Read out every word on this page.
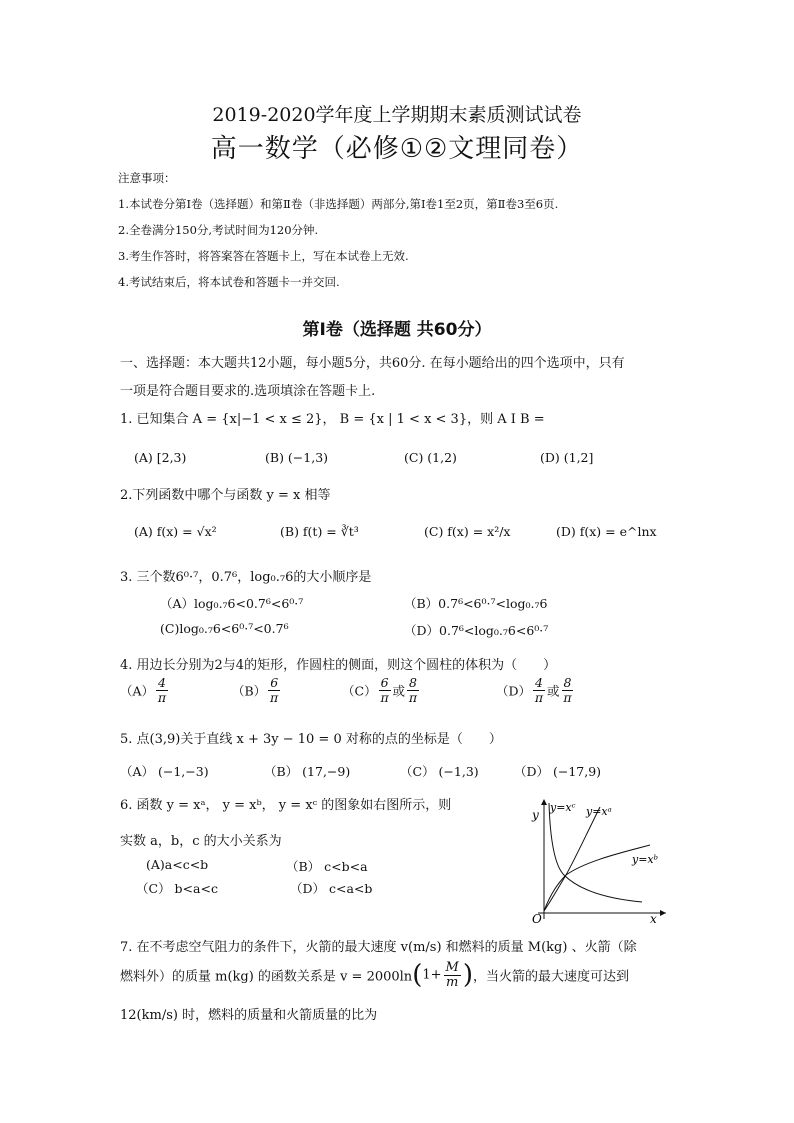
2019-2020学年度上学期期末素质测试试卷
高一数学（必修①②文理同卷）
注意事项：
1.本试卷分第Ⅰ卷（选择题）和第Ⅱ卷（非选择题）两部分,第Ⅰ卷1至2页，第Ⅱ卷3至6页.
2.全卷满分150分,考试时间为120分钟.
3.考生作答时，将答案答在答题卡上，写在本试卷上无效.
4.考试结束后，将本试卷和答题卡一并交回.
第Ⅰ卷（选择题 共60分）
一、选择题：本大题共12小题，每小题5分，共60分. 在每小题给出的四个选项中，只有
一项是符合题目要求的.选项填涂在答题卡上.
1. 已知集合 A = {x|−1 < x ≤ 2}， B = {x | 1 < x < 3}，则 A I B =
(A) [2,3)	(B) (−1,3)	(C) (1,2)	(D) (1,2]
2.下列函数中哪个与函数 y = x 相等
(A) f(x) = √x²	(B) f(t) = ∛t³	(C) f(x) = x²/x	(D) f(x) = e^lnx
3. 三个数6⁰·⁷，0.7⁶，log₀.₇6的大小顺序是
（A）log₀.₇6<0.7⁶<6⁰·⁷	（B）0.7⁶<6⁰·⁷<log₀.₇6
(C)log₀.₇6<6⁰·⁷<0.7⁶	（D）0.7⁶<log₀.₇6<6⁰·⁷
4. 用边长分别为2与4的矩形，作圆柱的侧面，则这个圆柱的体积为（　　）
$(A) \frac{4}{\pi}$	$(B) \frac{6}{\pi}$	$(C) \frac{6}{\pi}$ 或 $\frac{8}{\pi}$	$(D) \frac{4}{\pi}$ 或 $\frac{8}{\pi}$
5. 点(3,9)关于直线 x + 3y − 10 = 0 对称的点的坐标是（　　）
（A） (−1,−3)	（B） (17,−9)	（C） (−1,3)	（D） (−17,9)
6. 函数 y = xᵃ， y = xᵇ， y = xᶜ 的图象如右图所示，则
实数 a，b，c 的大小关系为
(A)a<c<b	（B） c<b<a
（C） b<a<c	（D） c<a<b
y
x
O
y=xᶜ y=xᵃ
y=xᵇ
7. 在不考虑空气阻力的条件下，火箭的最大速度 v(m/s) 和燃料的质量 M(kg) 、火箭（除
燃料外）的质量 m(kg) 的函数关系是 $v = 2000\ln(1+ \frac{M}{m}$ )，当火箭的最大速度可达到
12(km/s) 时，燃料的质量和火箭质量的比为
